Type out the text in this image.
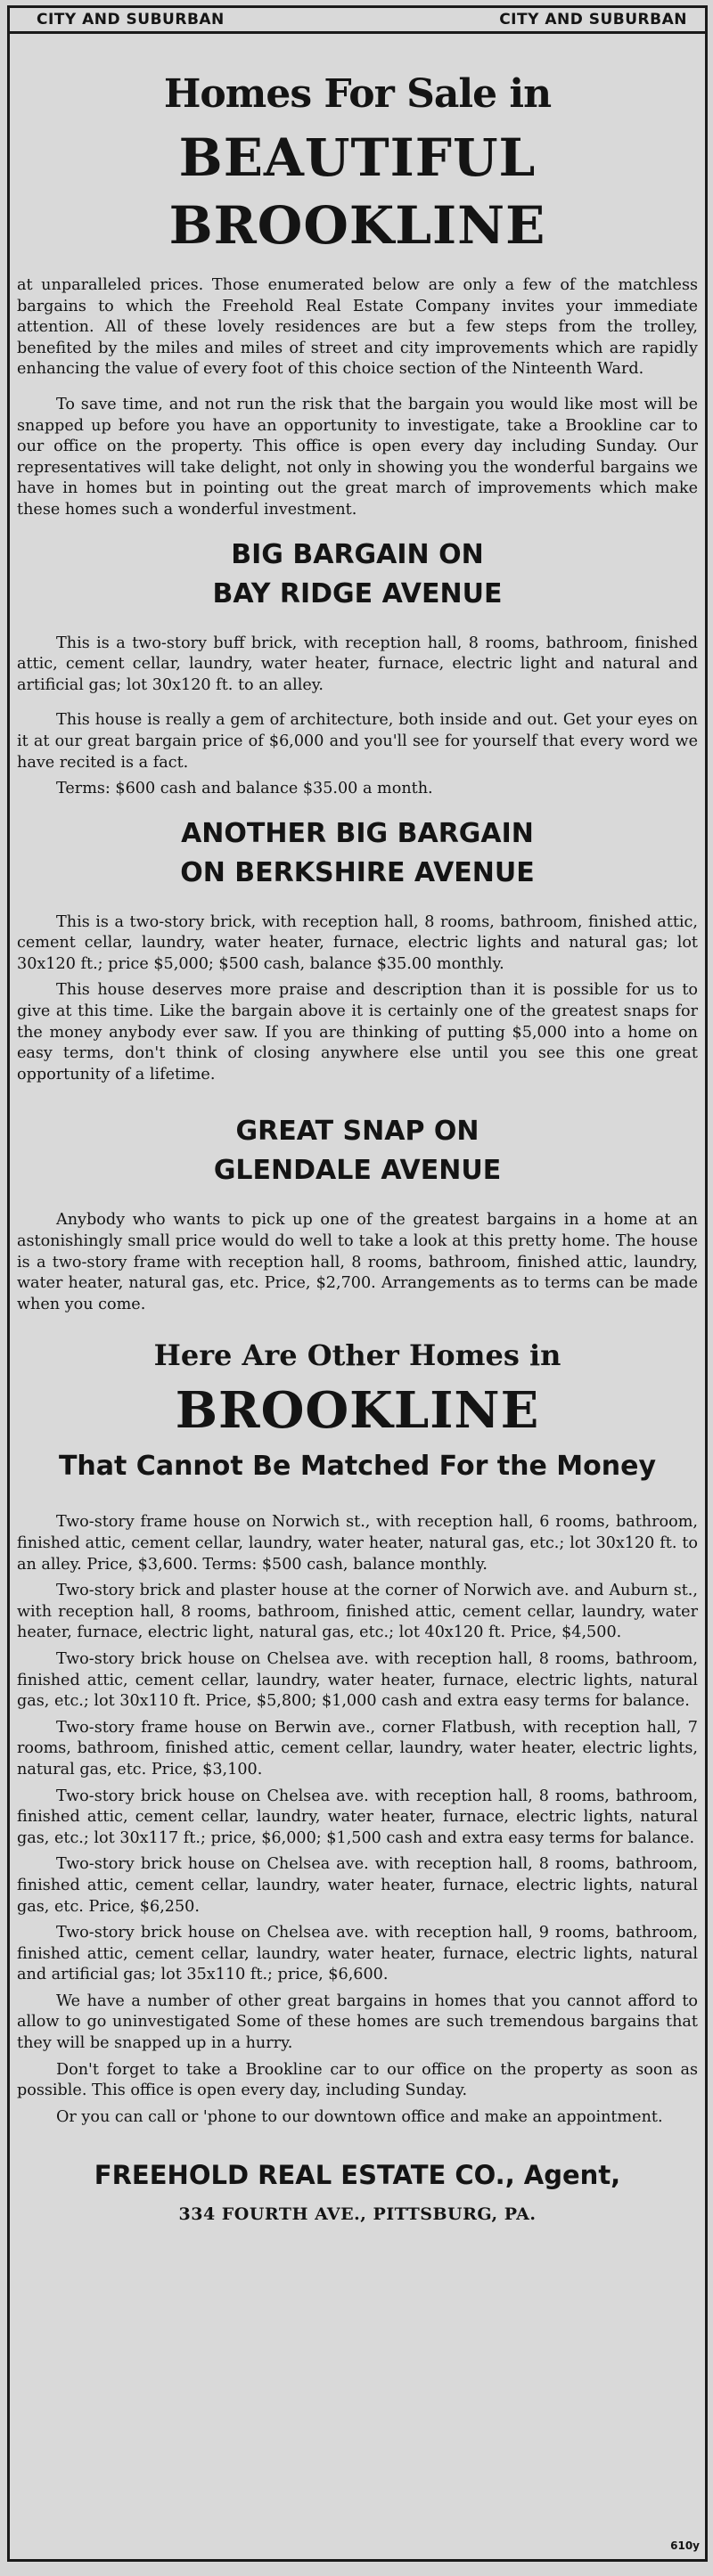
CITY AND SUBURBAN	CITY AND SUBURBAN
Homes For Sale in
BEAUTIFUL
BROOKLINE

at unparalleled prices. Those enumerated below are only a few of the matchless bargains to which the Freehold Real Estate Company invites your immediate attention. All of these lovely residences are but a few steps from the trolley, benefited by the miles and miles of street and city improvements which are rapidly enhancing the value of every foot of this choice section of the Ninteenth Ward.

To save time, and not run the risk that the bargain you would like most will be snapped up before you have an opportunity to investigate, take a Brookline car to our office on the property. This office is open every day including Sunday. Our representatives will take delight, not only in showing you the wonderful bargains we have in homes but in pointing out the great march of improvements which make these homes such a wonderful investment.

BIG BARGAIN ON
BAY RIDGE AVENUE

This is a two-story buff brick, with reception hall, 8 rooms, bathroom, finished attic, cement cellar, laundry, water heater, furnace, electric light and natural and artificial gas; lot 30x120 ft. to an alley.

This house is really a gem of architecture, both inside and out. Get your eyes on it at our great bargain price of $6,000 and you'll see for yourself that every word we have recited is a fact.

Terms: $600 cash and balance $35.00 a month.

ANOTHER BIG BARGAIN
ON BERKSHIRE AVENUE

This is a two-story brick, with reception hall, 8 rooms, bathroom, finished attic, cement cellar, laundry, water heater, furnace, electric lights and natural gas; lot 30x120 ft.; price $5,000; $500 cash, balance $35.00 monthly.

This house deserves more praise and description than it is possible for us to give at this time. Like the bargain above it is certainly one of the greatest snaps for the money anybody ever saw. If you are thinking of putting $5,000 into a home on easy terms, don't think of closing anywhere else until you see this one great opportunity of a lifetime.

GREAT SNAP ON
GLENDALE AVENUE

Anybody who wants to pick up one of the greatest bargains in a home at an astonishingly small price would do well to take a look at this pretty home. The house is a two-story frame with reception hall, 8 rooms, bathroom, finished attic, laundry, water heater, natural gas, etc. Price, $2,700. Arrangements as to terms can be made when you come.

Here Are Other Homes in
BROOKLINE
That Cannot Be Matched For the Money

Two-story frame house on Norwich st., with reception hall, 6 rooms, bathroom, finished attic, cement cellar, laundry, water heater, natural gas, etc.; lot 30x120 ft. to an alley. Price, $3,600. Terms: $500 cash, balance monthly.

Two-story brick and plaster house at the corner of Norwich ave. and Auburn st., with reception hall, 8 rooms, bathroom, finished attic, cement cellar, laundry, water heater, furnace, electric light, natural gas, etc.; lot 40x120 ft. Price, $4,500.

Two-story brick house on Chelsea ave. with reception hall, 8 rooms, bathroom, finished attic, cement cellar, laundry, water heater, furnace, electric lights, natural gas, etc.; lot 30x110 ft. Price, $5,800; $1,000 cash and extra easy terms for balance.

Two-story frame house on Berwin ave., corner Flatbush, with reception hall, 7 rooms, bathroom, finished attic, cement cellar, laundry, water heater, electric lights, natural gas, etc. Price, $3,100.

Two-story brick house on Chelsea ave. with reception hall, 8 rooms, bathroom, finished attic, cement cellar, laundry, water heater, furnace, electric lights, natural gas, etc.; lot 30x117 ft.; price, $6,000; $1,500 cash and extra easy terms for balance.

Two-story brick house on Chelsea ave. with reception hall, 8 rooms, bathroom, finished attic, cement cellar, laundry, water heater, furnace, electric lights, natural gas, etc. Price, $6,250.

Two-story brick house on Chelsea ave. with reception hall, 9 rooms, bathroom, finished attic, cement cellar, laundry, water heater, furnace, electric lights, natural and artificial gas; lot 35x110 ft.; price, $6,600.

We have a number of other great bargains in homes that you cannot afford to allow to go uninvestigated Some of these homes are such tremendous bargains that they will be snapped up in a hurry.

Don't forget to take a Brookline car to our office on the property as soon as possible. This office is open every day, including Sunday.

Or you can call or 'phone to our downtown office and make an appointment.

FREEHOLD REAL ESTATE CO., Agent,
334 FOURTH AVE., PITTSBURG, PA.
610y
